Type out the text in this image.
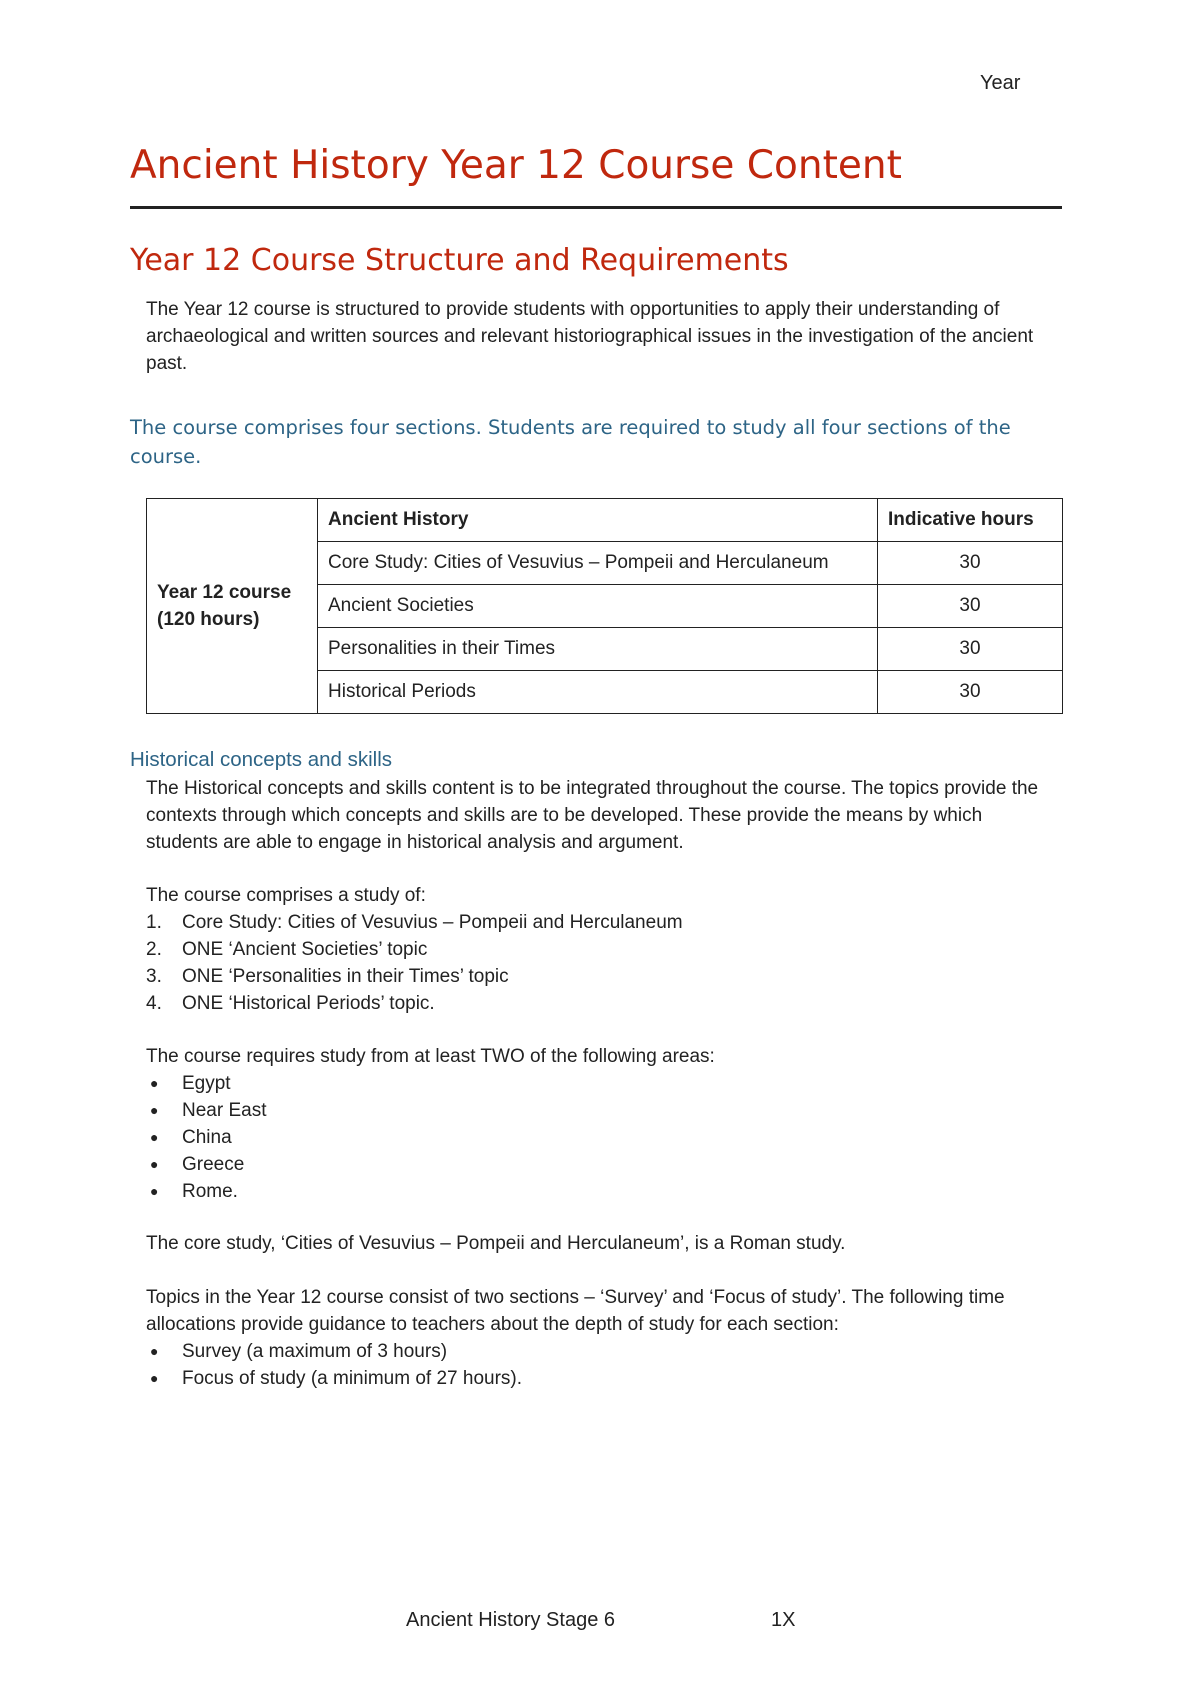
Year
Ancient History Year 12 Course Content
Year 12 Course Structure and Requirements

The Year 12 course is structured to provide students with opportunities to apply their understanding of archaeological and written sources and relevant historiographical issues in the investigation of the ancient past.

The course comprises four sections. Students are required to study all four sections of the course.

Year 12 course
(120 hours)	Ancient History	Indicative hours
	Core Study: Cities of Vesuvius – Pompeii and Herculaneum	30
	Ancient Societies	30
	Personalities in their Times	30
	Historical Periods	30
Historical concepts and skills

The Historical concepts and skills content is to be integrated throughout the course. The topics provide the contexts through which concepts and skills are to be developed. These provide the means by which students are able to engage in historical analysis and argument.

The course comprises a study of:

1. Core Study: Cities of Vesuvius – Pompeii and Herculaneum
2. ONE ‘Ancient Societies’ topic
3. ONE ‘Personalities in their Times’ topic
4. ONE ‘Historical Periods’ topic.

The course requires study from at least TWO of the following areas:

● Egypt
● Near East
● China
● Greece
● Rome.

The core study, ‘Cities of Vesuvius – Pompeii and Herculaneum’, is a Roman study.

Topics in the Year 12 course consist of two sections – ‘Survey’ and ‘Focus of study’. The following time allocations provide guidance to teachers about the depth of study for each section:

● Survey (a maximum of 3 hours)
● Focus of study (a minimum of 27 hours).
Ancient History Stage 6	1X
